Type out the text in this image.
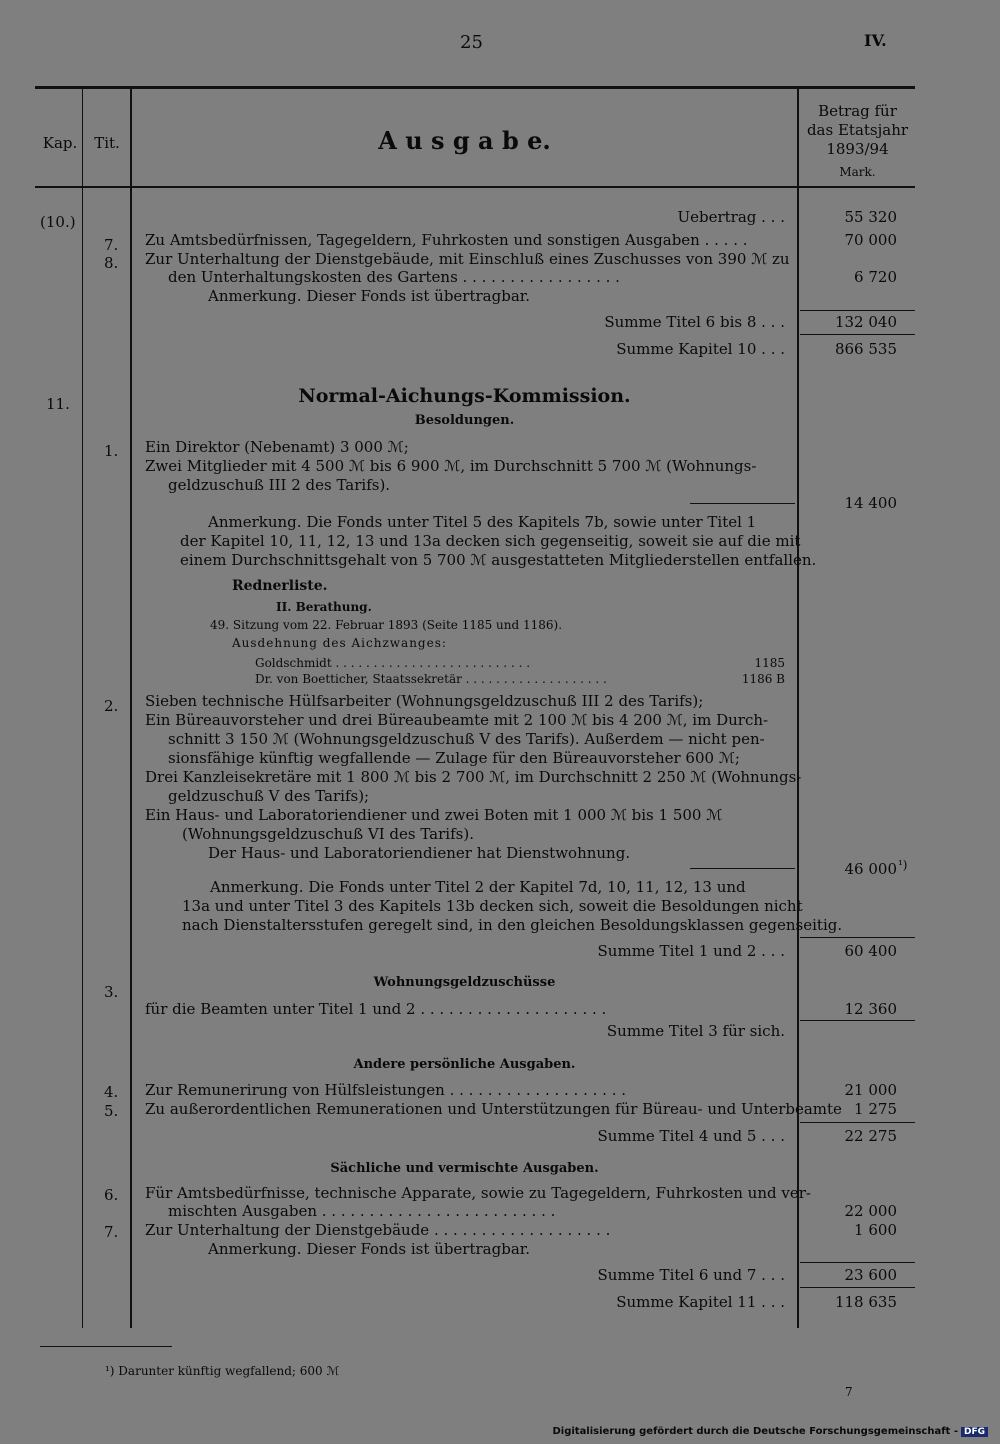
25	IV.
Kap.	Tit.	A u s g a b e.
Betrag für
das Etatsjahr
1893/94
Mark.
(10.)	Uebertrag . . .	55 320
7. Zu Amtsbedürfnissen, Tagegeldern, Fuhrkosten und sonstigen Ausgaben . . . . .	70 000
8. Zur Unterhaltung der Dienstgebäude, mit Einschluß eines Zuschusses von 390 ℳ zu
den Unterhaltungskosten des Gartens . . . . . . . . . . . . . . . . .	6 720
Anmerkung. Dieser Fonds ist übertragbar.
Summe Titel 6 bis 8 . . .	132 040
Summe Kapitel 10 . . .	866 535
11.	Normal-Aichungs-Kommission.
Besoldungen.
1. Ein Direktor (Nebenamt) 3 000 ℳ;
Zwei Mitglieder mit 4 500 ℳ bis 6 900 ℳ, im Durchschnitt 5 700 ℳ (Wohnungs-
geldzuschuß III 2 des Tarifs).
14 400
Anmerkung. Die Fonds unter Titel 5 des Kapitels 7b, sowie unter Titel 1
der Kapitel 10, 11, 12, 13 und 13a decken sich gegenseitig, soweit sie auf die mit
einem Durchschnittsgehalt von 5 700 ℳ ausgestatteten Mitgliederstellen entfallen.
Rednerliste.
II. Berathung.
49. Sitzung vom 22. Februar 1893 (Seite 1185 und 1186).
Ausdehnung des Aichzwanges:
Goldschmidt . . . . . . . . . . . . . . . . . . . . . . . . . .	1185
Dr. von Boetticher, Staatssekretär . . . . . . . . . . . . . . . . . . .	1186 B
2. Sieben technische Hülfsarbeiter (Wohnungsgeldzuschuß III 2 des Tarifs);
Ein Büreauvorsteher und drei Büreaubeamte mit 2 100 ℳ bis 4 200 ℳ, im Durch-
schnitt 3 150 ℳ (Wohnungsgeldzuschuß V des Tarifs). Außerdem — nicht pen-
sionsfähige künftig wegfallende — Zulage für den Büreauvorsteher 600 ℳ;
Drei Kanzleisekretäre mit 1 800 ℳ bis 2 700 ℳ, im Durchschnitt 2 250 ℳ (Wohnungs-
geldzuschuß V des Tarifs);
Ein Haus- und Laboratoriendiener und zwei Boten mit 1 000 ℳ bis 1 500 ℳ
(Wohnungsgeldzuschuß VI des Tarifs).
Der Haus- und Laboratoriendiener hat Dienstwohnung.
46 000 ¹)
Anmerkung. Die Fonds unter Titel 2 der Kapitel 7d, 10, 11, 12, 13 und
13a und unter Titel 3 des Kapitels 13b decken sich, soweit die Besoldungen nicht
nach Dienstaltersstufen geregelt sind, in den gleichen Besoldungsklassen gegenseitig.
Summe Titel 1 und 2 . . .	60 400
Wohnungsgeldzuschüsse
3.
für die Beamten unter Titel 1 und 2 . . . . . . . . . . . . . . . . . . . .	12 360
Summe Titel 3 für sich.
Andere persönliche Ausgaben.
4. Zur Remunerirung von Hülfsleistungen . . . . . . . . . . . . . . . . . . .	21 000
5. Zu außerordentlichen Remunerationen und Unterstützungen für Büreau- und Unterbeamte 1 275
Summe Titel 4 und 5 . . .	22 275
Sächliche und vermischte Ausgaben.
6. Für Amtsbedürfnisse, technische Apparate, sowie zu Tagegeldern, Fuhrkosten und ver-
mischten Ausgaben . . . . . . . . . . . . . . . . . . . . . . . . .	22 000
7. Zur Unterhaltung der Dienstgebäude . . . . . . . . . . . . . . . . . . .	1 600
Anmerkung. Dieser Fonds ist übertragbar.
Summe Titel 6 und 7 . . .	23 600
Summe Kapitel 11 . . .	118 635
¹) Darunter künftig wegfallend; 600 ℳ
7
Digitalisierung gefördert durch die Deutsche Forschungsgemeinschaft - DFG
